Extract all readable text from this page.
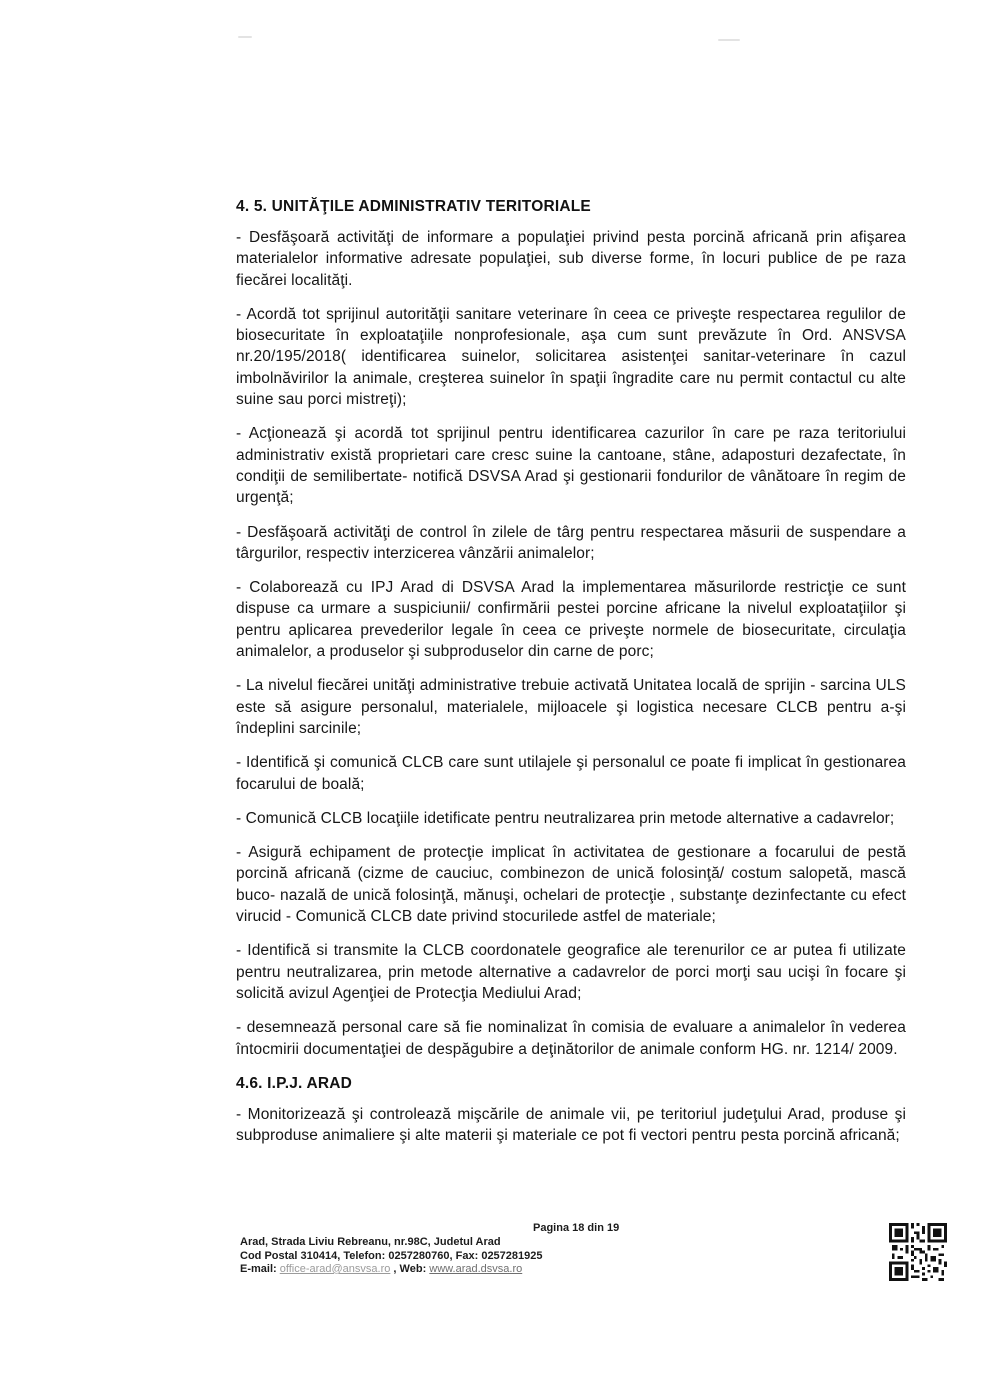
4. 5. UNITĂŢILE ADMINISTRATIV TERITORIALE

- Desfăşoară activităţi de informare a populaţiei privind pesta porcină africană prin afişarea materialelor informative adresate populaţiei, sub diverse forme, în locuri publice de pe raza fiecărei localităţi.

- Acordă tot sprijinul autorităţii sanitare veterinare în ceea ce priveşte respectarea regulilor de biosecuritate în exploataţiile nonprofesionale, aşa cum sunt prevăzute în Ord. ANSVSA nr.20/195/2018( identificarea suinelor, solicitarea asistenţei sanitar-veterinare în cazul imbolnăvirilor la animale, creşterea suinelor în spaţii îngradite care nu permit contactul cu alte suine sau porci mistreţi);

- Acţionează şi acordă tot sprijinul pentru identificarea cazurilor în care pe raza teritoriului administrativ există proprietari care cresc suine la cantoane, stâne, adaposturi dezafectate, în condiţii de semilibertate- notifică DSVSA Arad şi gestionarii fondurilor de vânătoare în regim de urgenţă;

- Desfăşoară activităţi de control în zilele de târg pentru respectarea măsurii de suspendare a târgurilor, respectiv interzicerea vânzării animalelor;

- Colaborează cu IPJ Arad di DSVSA Arad la implementarea măsurilorde restricţie ce sunt dispuse ca urmare a suspiciunii/ confirmării pestei porcine africane la nivelul exploataţiilor şi pentru aplicarea prevederilor legale în ceea ce priveşte normele de biosecuritate, circulaţia animalelor, a produselor şi subproduselor din carne de porc;

- La nivelul fiecărei unităţi administrative trebuie activată Unitatea locală de sprijin - sarcina ULS este să asigure personalul, materialele, mijloacele şi logistica necesare CLCB pentru a-şi îndeplini sarcinile;

- Identifică şi comunică CLCB care sunt utilajele şi personalul ce poate fi implicat în gestionarea focarului de boală;

- Comunică CLCB locaţiile idetificate pentru neutralizarea prin metode alternative a cadavrelor;

- Asigură echipament de protecţie implicat în activitatea de gestionare a focarului de pestă porcină africană (cizme de cauciuc, combinezon de unică folosinţă/ costum salopetă, mască buco- nazală de unică folosinţă, mănuşi, ochelari de protecţie , substanţe dezinfectante cu efect virucid - Comunică CLCB date privind stocurilede astfel de materiale;

- Identifică si transmite la CLCB coordonatele geografice ale terenurilor ce ar putea fi utilizate pentru neutralizarea, prin metode alternative a cadavrelor de porci morţi sau ucişi în focare şi solicită avizul Agenţiei de Protecţia Mediului Arad;

- desemnează personal care să fie nominalizat în comisia de evaluare a animalelor în vederea întocmirii documentaţiei de despăgubire a deţinătorilor de animale conform HG. nr. 1214/ 2009.

4.6. I.P.J. ARAD

- Monitorizează şi controlează mişcările de animale vii, pe teritoriul judeţului Arad, produse şi subproduse animaliere şi alte materii şi materiale ce pot fi vectori pentru pesta porcină africană;

Pagina 18 din 19
Arad, Strada Liviu Rebreanu, nr.98C, Judetul Arad
Cod Postal 310414, Telefon: 0257280760, Fax: 0257281925
E-mail: office-arad@ansvsa.ro , Web: www.arad.dsvsa.ro
